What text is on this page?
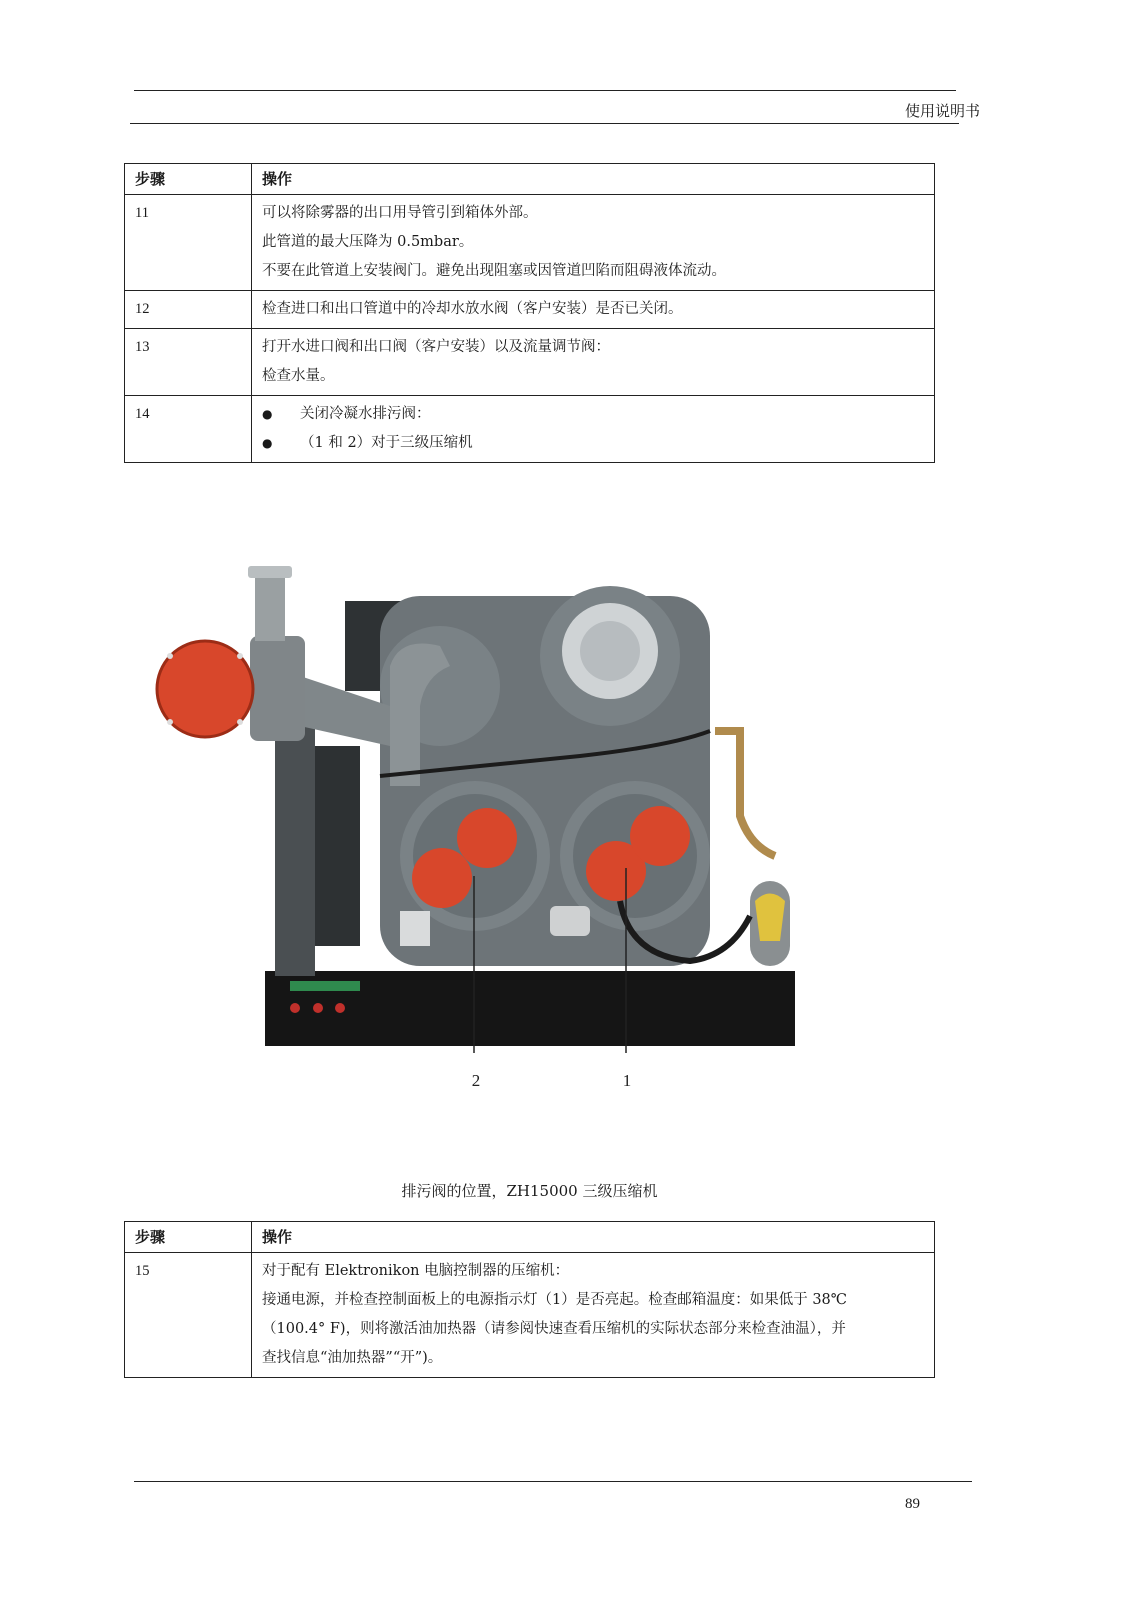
使用说明书
步骤	操作
11	可以将除雾器的出口用导管引到箱体外部。
此管道的最大压降为 0.5mbar。
不要在此管道上安装阀门。避免出现阻塞或因管道凹陷而阻碍液体流动。

12	检查进口和出口管道中的冷却水放水阀（客户安装）是否已关闭。

13	打开水进口阀和出口阀（客户安装）以及流量调节阀：
检查水量。

14	● 关闭冷凝水排污阀：
● （1 和 2）对于三级压缩机
2	1
排污阀的位置，ZH15000 三级压缩机
步骤	操作
15	对于配有 Elektronikon 电脑控制器的压缩机：
接通电源，并检查控制面板上的电源指示灯（1）是否亮起。检查邮箱温度：如果低于 38℃
（100.4° F)，则将激活油加热器（请参阅快速查看压缩机的实际状态部分来检查油温），并
查找信息“油加热器”“开”)。
89
